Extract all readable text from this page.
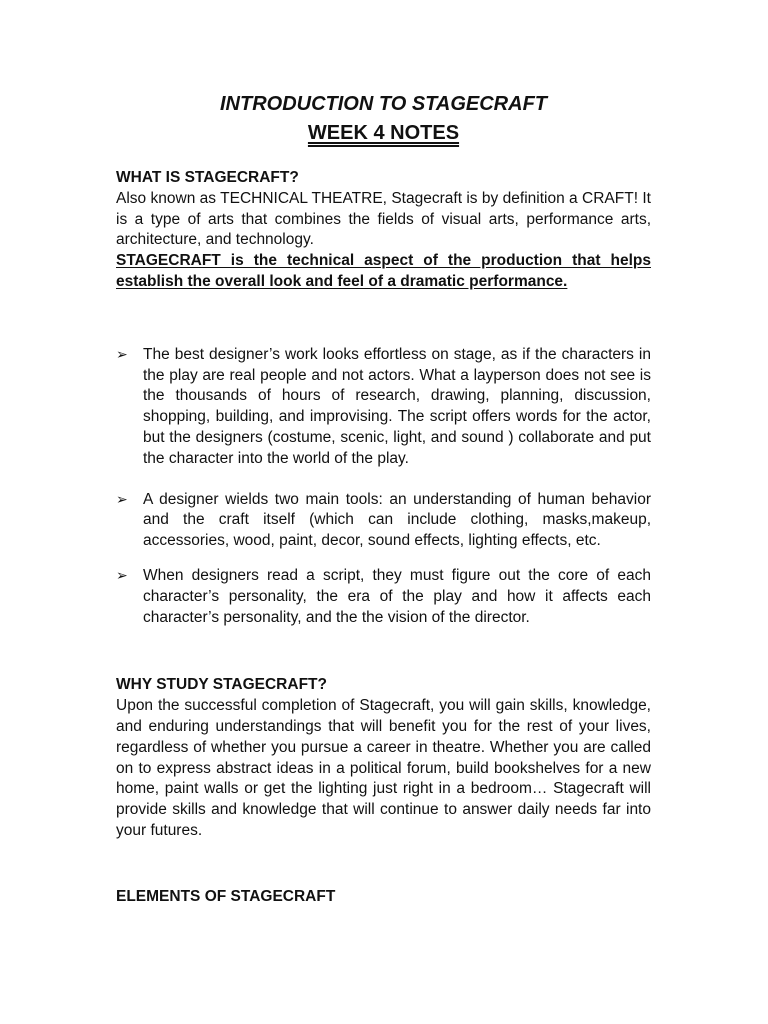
INTRODUCTION TO STAGECRAFT
WEEK 4 NOTES
WHAT IS STAGECRAFT?

Also known as TECHNICAL THEATRE, Stagecraft is by definition a CRAFT! It is a type of arts that combines the fields of visual arts, performance arts, architecture, and technology.

STAGECRAFT is the technical aspect of the production that helps establish the overall look and feel of a dramatic performance.

➢ The best designer’s work looks effortless on stage, as if the characters in the play are real people and not actors. What a layperson does not see is the thousands of hours of research, drawing, planning, discussion, shopping, building, and improvising. The script offers words for the actor, but the designers (costume, scenic, light, and sound ) collaborate and put the character into the world of the play.
➢ A designer wields two main tools: an understanding of human behavior and the craft itself (which can include clothing, masks,makeup, accessories, wood, paint, decor, sound effects, lighting effects, etc.
➢ When designers read a script, they must figure out the core of each character’s personality, the era of the play and how it affects each character’s personality, and the the vision of the director.
WHY STUDY STAGECRAFT?

Upon the successful completion of Stagecraft, you will gain skills, knowledge, and enduring understandings that will benefit you for the rest of your lives, regardless of whether you pursue a career in theatre. Whether you are called on to express abstract ideas in a political forum, build bookshelves for a new home, paint walls or get the lighting just right in a bedroom… Stagecraft will provide skills and knowledge that will continue to answer daily needs far into your futures.

ELEMENTS OF STAGECRAFT
